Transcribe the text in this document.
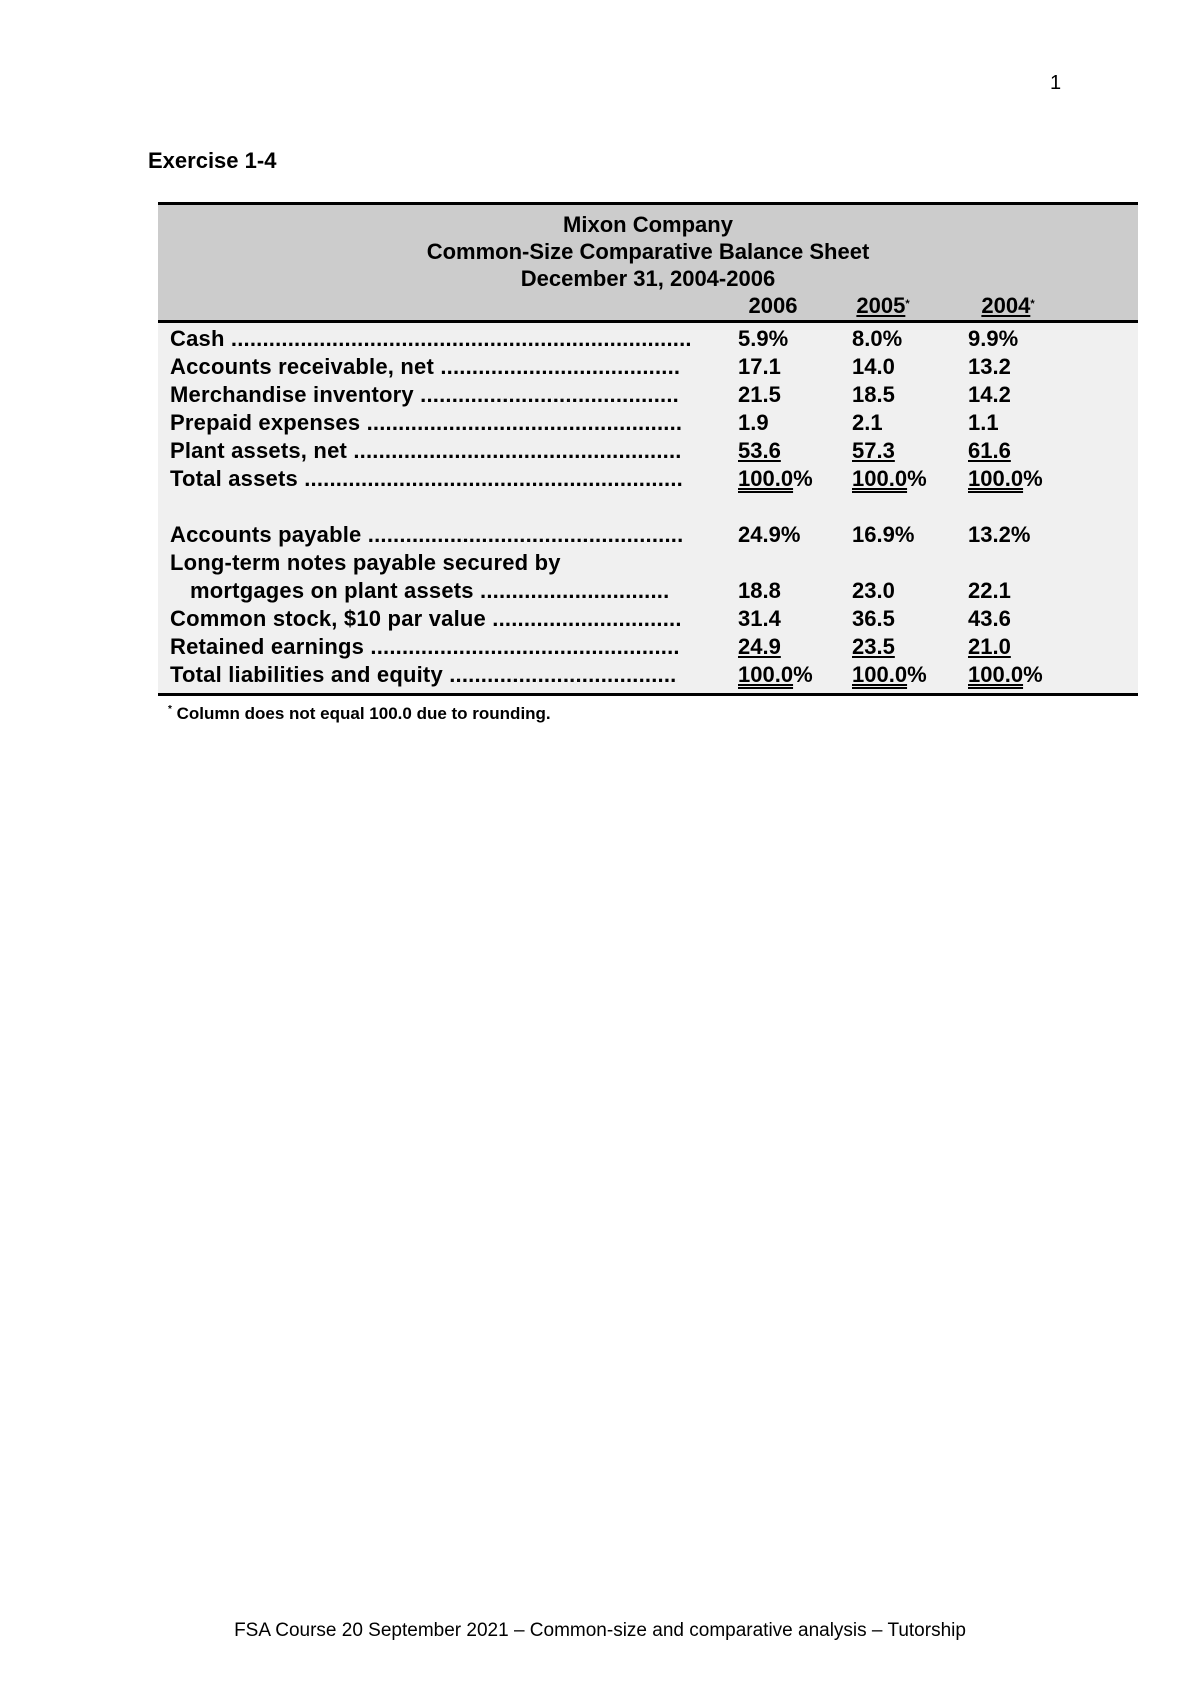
1
Exercise 1-4
Mixon Company
Common-Size Comparative Balance Sheet
December 31, 2004-2006
2006	2005*	2004*
Cash .........................................................................	5.9%	8.0%	9.9%
Accounts receivable, net ......................................	17.1	14.0	13.2
Merchandise inventory .........................................	21.5	18.5	14.2
Prepaid expenses ..................................................	1.9	2.1	1.1
Plant assets, net ....................................................	53.6	57.3	61.6
Total assets ............................................................	100.0%	100.0%	100.0%
Accounts payable ..................................................	24.9%	16.9%	13.2%
Long-term notes payable secured by
mortgages on plant assets ..............................	18.8	23.0	22.1
Common stock, $10 par value ..............................	31.4	36.5	43.6
Retained earnings .................................................	24.9	23.5	21.0
Total liabilities and equity ....................................	100.0%	100.0%	100.0%
* Column does not equal 100.0 due to rounding.
FSA Course 20 September 2021 – Common-size and comparative analysis – Tutorship
